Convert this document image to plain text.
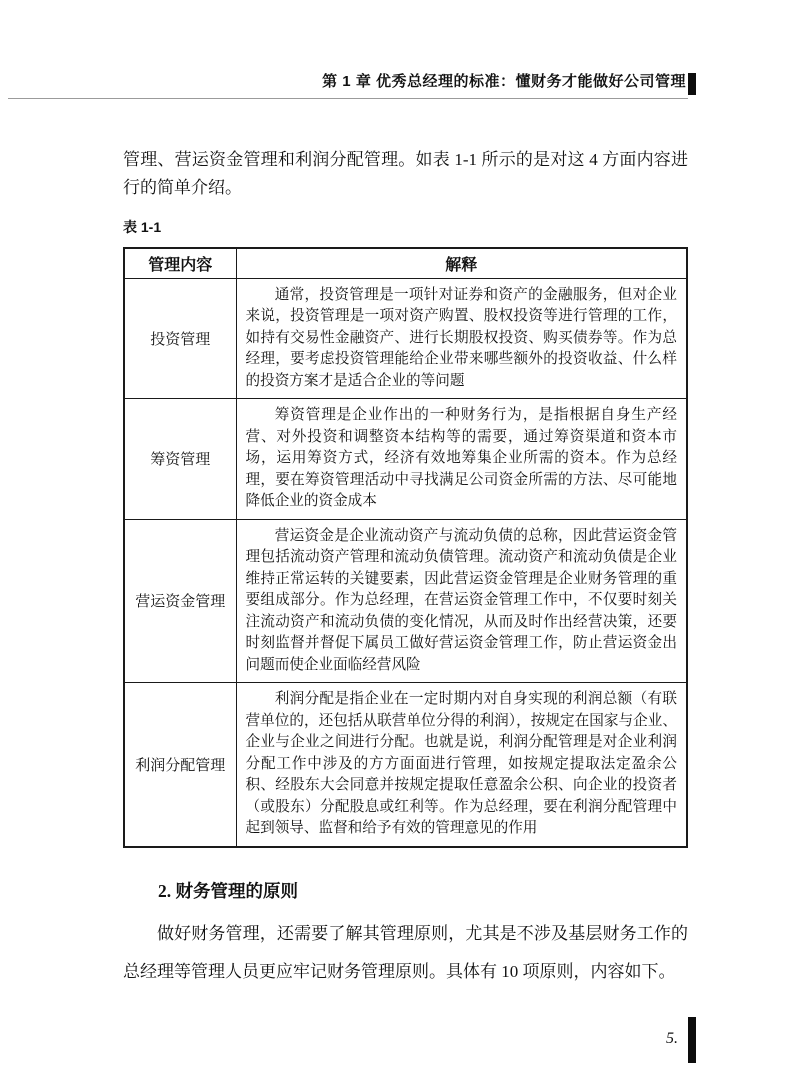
第 1 章 优秀总经理的标准：懂财务才能做好公司管理

管理、营运资金管理和利润分配管理。如表 1-1 所示的是对这 4 方面内容进行的简单介绍。

表 1-1
管理内容	解释
投资管理	通常，投资管理是一项针对证券和资产的金融服务，但对企业来说，投资管理是一项对资产购置、股权投资等进行管理的工作，如持有交易性金融资产、进行长期股权投资、购买债券等。作为总经理，要考虑投资管理能给企业带来哪些额外的投资收益、什么样的投资方案才是适合企业的等问题
筹资管理	筹资管理是企业作出的一种财务行为，是指根据自身生产经营、对外投资和调整资本结构等的需要，通过筹资渠道和资本市场，运用筹资方式，经济有效地筹集企业所需的资本。作为总经理，要在筹资管理活动中寻找满足公司资金所需的方法、尽可能地降低企业的资金成本
营运资金管理	营运资金是企业流动资产与流动负债的总称，因此营运资金管理包括流动资产管理和流动负债管理。流动资产和流动负债是企业维持正常运转的关键要素，因此营运资金管理是企业财务管理的重要组成部分。作为总经理，在营运资金管理工作中，不仅要时刻关注流动资产和流动负债的变化情况，从而及时作出经营决策，还要时刻监督并督促下属员工做好营运资金管理工作，防止营运资金出问题而使企业面临经营风险
利润分配管理	利润分配是指企业在一定时期内对自身实现的利润总额（有联营单位的，还包括从联营单位分得的利润），按规定在国家与企业、企业与企业之间进行分配。也就是说，利润分配管理是对企业利润分配工作中涉及的方方面面进行管理，如按规定提取法定盈余公积、经股东大会同意并按规定提取任意盈余公积、向企业的投资者（或股东）分配股息或红利等。作为总经理，要在利润分配管理中起到领导、监督和给予有效的管理意见的作用
2. 财务管理的原则

做好财务管理，还需要了解其管理原则，尤其是不涉及基层财务工作的总经理等管理人员更应牢记财务管理原则。具体有 10 项原则，内容如下。

5.
